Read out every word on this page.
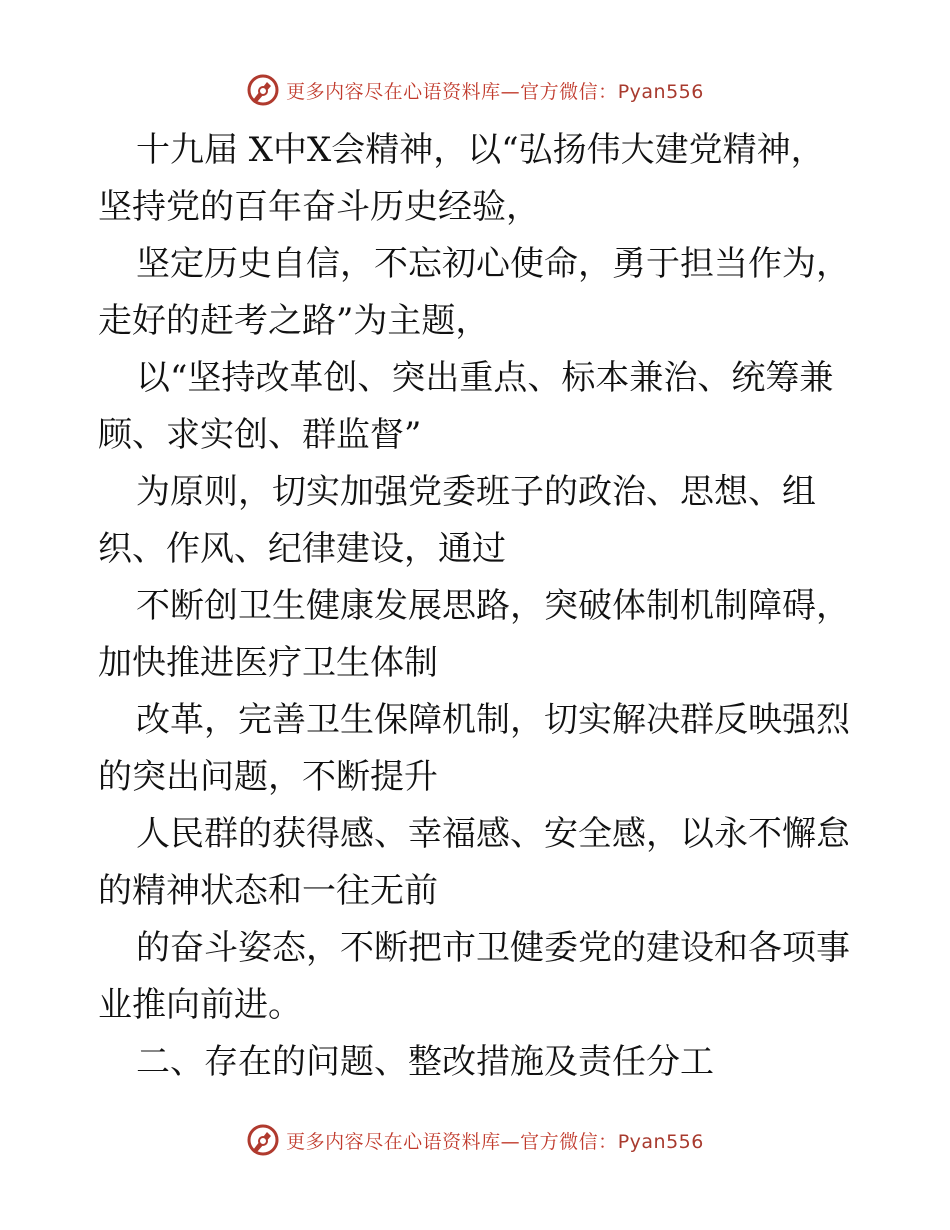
更多内容尽在心语资料库—官方微信：Pyan556

十九届 X中X会精神，以“弘扬伟大建党精神，坚持党的百年奋斗历史经验，

坚定历史自信，不忘初心使命，勇于担当作为，走好的赶考之路”为主题，

以“坚持改革创、突出重点、标本兼治、统筹兼顾、求实创、群监督”

为原则，切实加强党委班子的政治、思想、组织、作风、纪律建设，通过

不断创卫生健康发展思路，突破体制机制障碍，加快推进医疗卫生体制

改革，完善卫生保障机制，切实解决群反映强烈的突出问题，不断提升

人民群的获得感、幸福感、安全感，以永不懈怠的精神状态和一往无前

的奋斗姿态，不断把市卫健委党的建设和各项事业推向前进。

二、存在的问题、整改措施及责任分工

更多内容尽在心语资料库—官方微信：Pyan556
